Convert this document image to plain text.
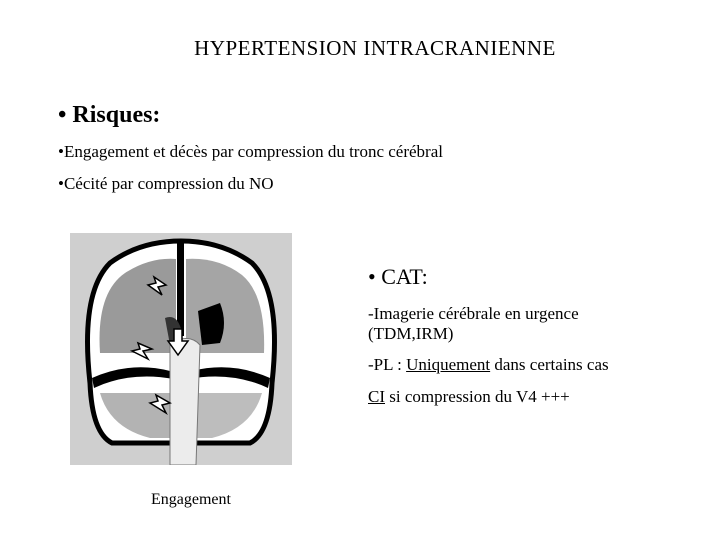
HYPERTENSION INTRACRANIENNE
• Risques:
•Engagement et décès par compression du tronc cérébral
•Cécité par compression du NO
• CAT:
-Imagerie cérébrale en urgence (TDM,IRM)
-PL : Uniquement dans certains cas
CI si compression du V4 +++
Engagement
